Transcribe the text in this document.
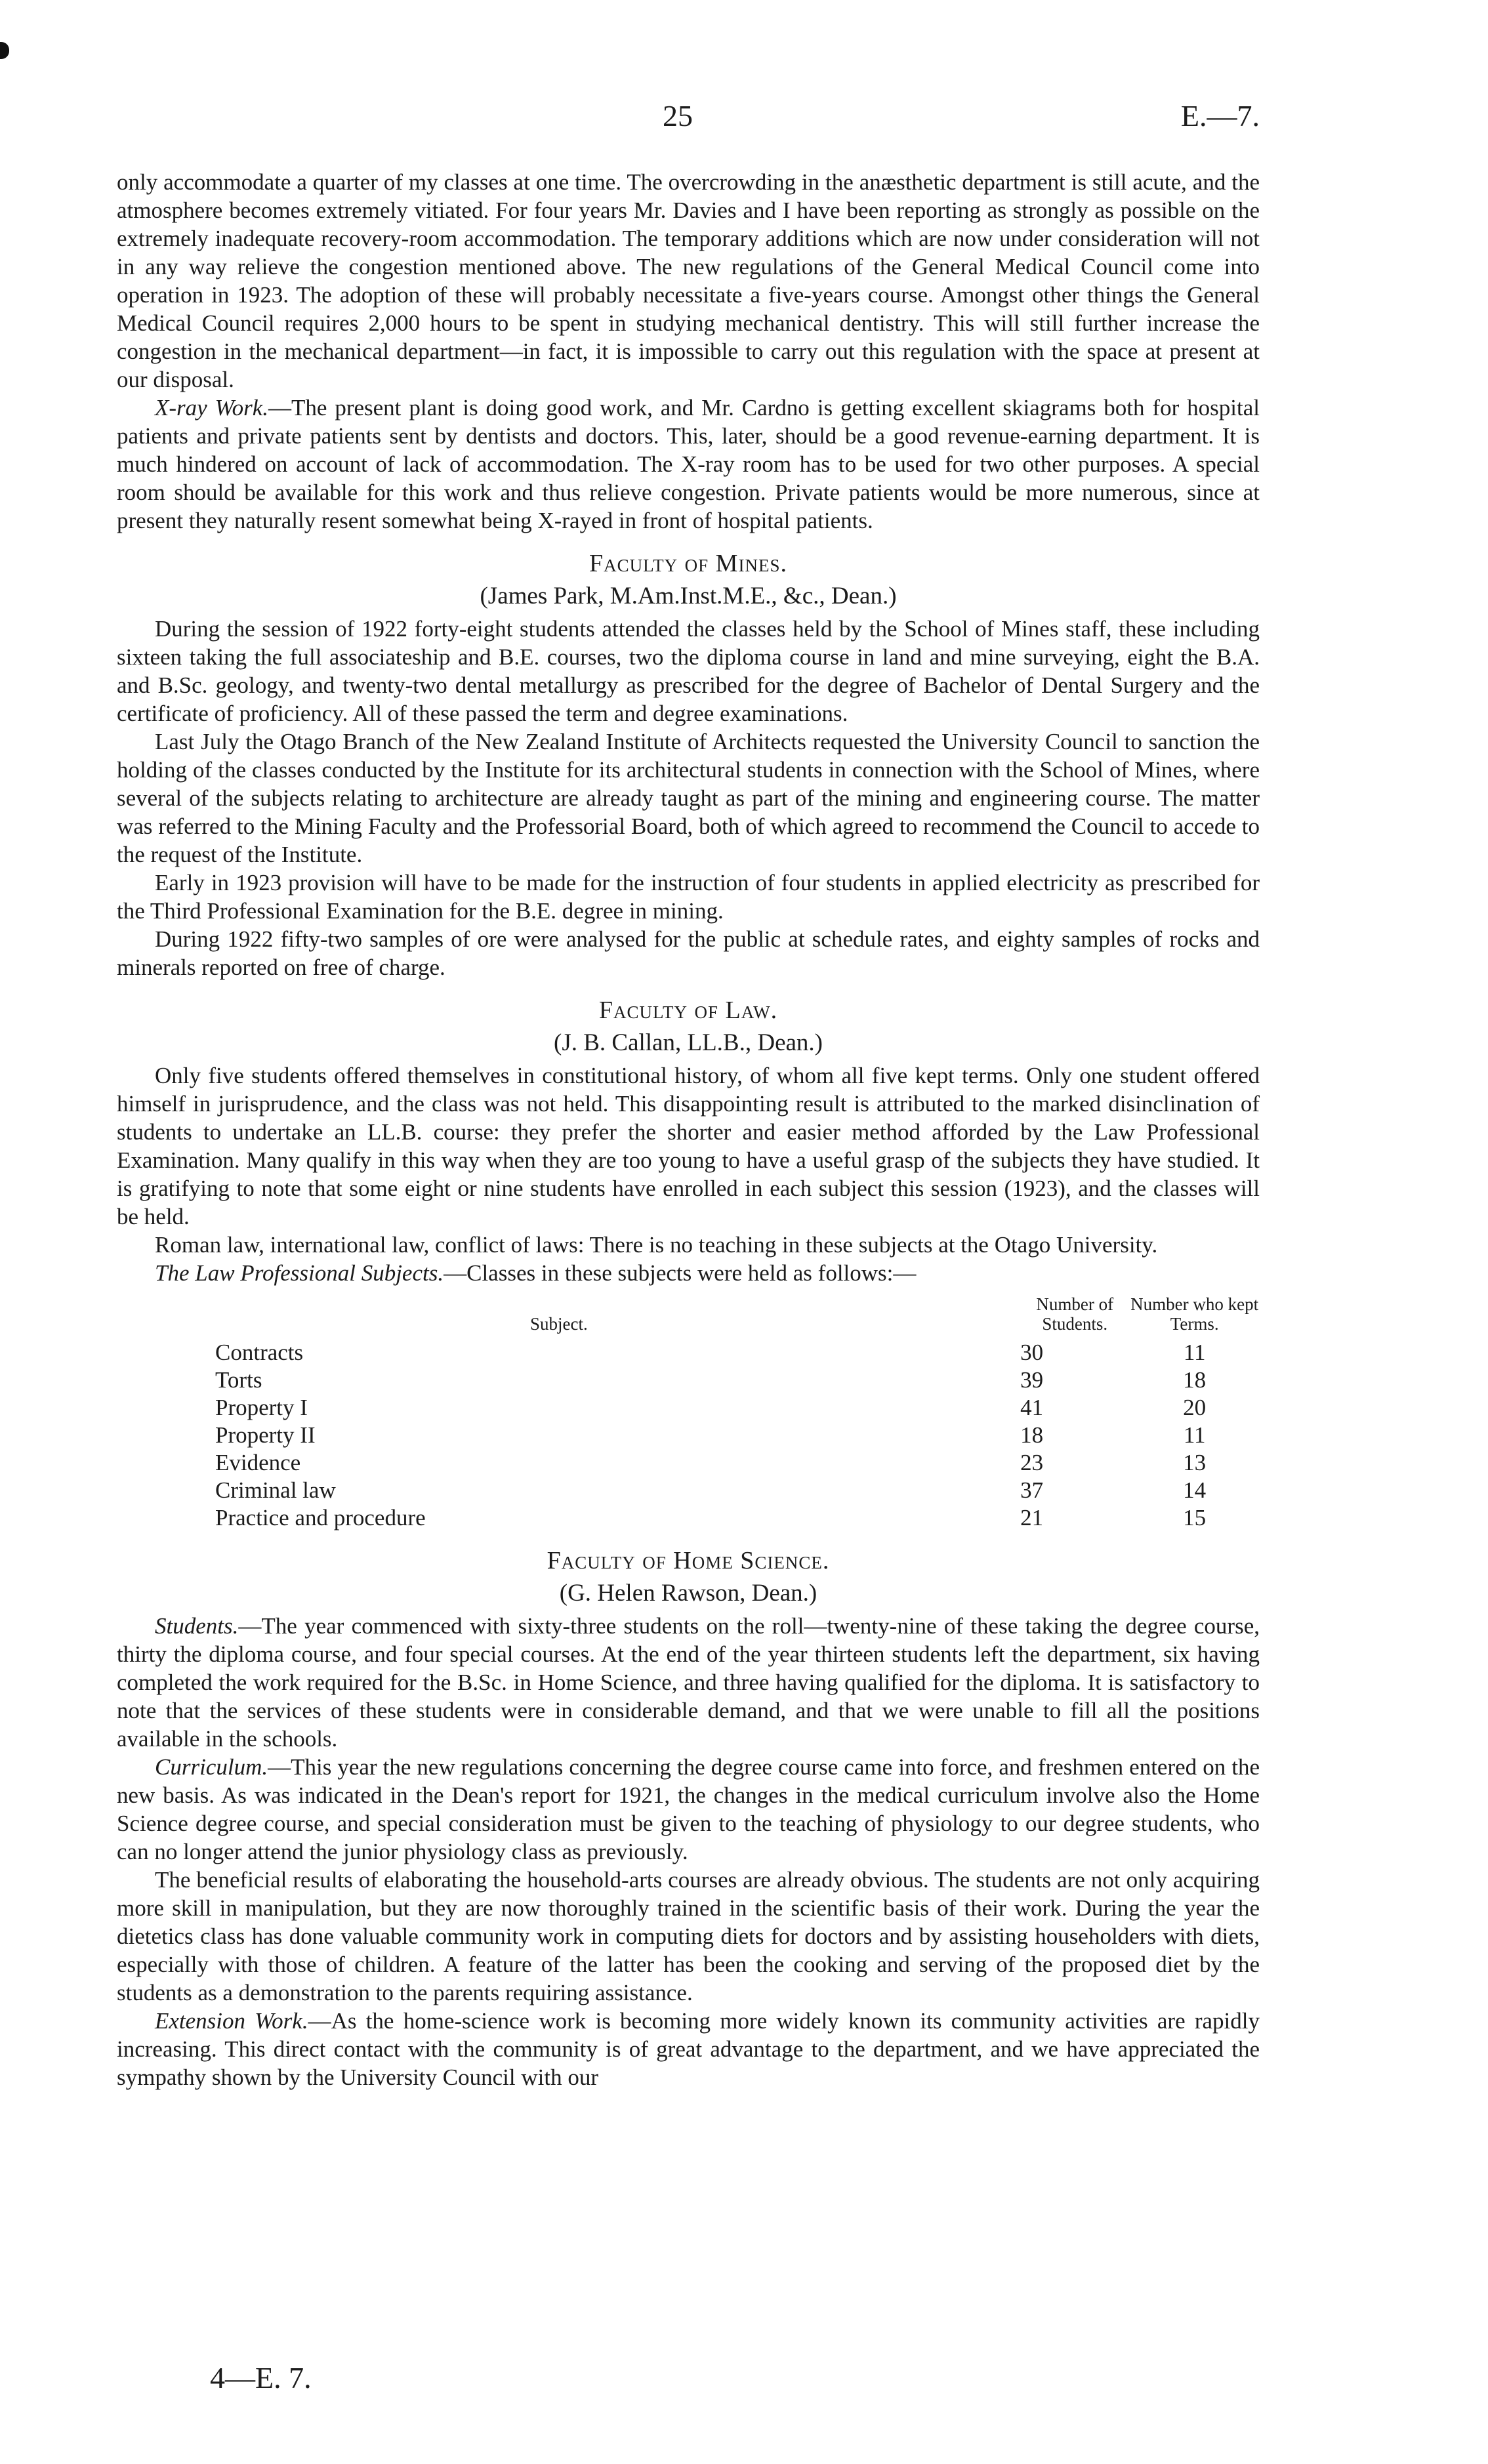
25	E.—7.

only accommodate a quarter of my classes at one time. The overcrowding in the anæsthetic department is still acute, and the atmosphere becomes extremely vitiated. For four years Mr. Davies and I have been reporting as strongly as possible on the extremely inadequate recovery-room accommodation. The temporary additions which are now under consideration will not in any way relieve the congestion mentioned above. The new regulations of the General Medical Council come into operation in 1923. The adoption of these will probably necessitate a five-years course. Amongst other things the General Medical Council requires 2,000 hours to be spent in studying mechanical dentistry. This will still further increase the congestion in the mechanical department—in fact, it is impossible to carry out this regulation with the space at present at our disposal.

X-ray Work.—The present plant is doing good work, and Mr. Cardno is getting excellent skiagrams both for hospital patients and private patients sent by dentists and doctors. This, later, should be a good revenue-earning department. It is much hindered on account of lack of accommodation. The X-ray room has to be used for two other purposes. A special room should be available for this work and thus relieve congestion. Private patients would be more numerous, since at present they naturally resent somewhat being X-rayed in front of hospital patients.

Faculty of Mines.
(James Park, M.Am.Inst.M.E., &c., Dean.)

During the session of 1922 forty-eight students attended the classes held by the School of Mines staff, these including sixteen taking the full associateship and B.E. courses, two the diploma course in land and mine surveying, eight the B.A. and B.Sc. geology, and twenty-two dental metallurgy as prescribed for the degree of Bachelor of Dental Surgery and the certificate of proficiency. All of these passed the term and degree examinations.

Last July the Otago Branch of the New Zealand Institute of Architects requested the University Council to sanction the holding of the classes conducted by the Institute for its architectural students in connection with the School of Mines, where several of the subjects relating to architecture are already taught as part of the mining and engineering course. The matter was referred to the Mining Faculty and the Professorial Board, both of which agreed to recommend the Council to accede to the request of the Institute.

Early in 1923 provision will have to be made for the instruction of four students in applied electricity as prescribed for the Third Professional Examination for the B.E. degree in mining.

During 1922 fifty-two samples of ore were analysed for the public at schedule rates, and eighty samples of rocks and minerals reported on free of charge.

Faculty of Law.
(J. B. Callan, LL.B., Dean.)

Only five students offered themselves in constitutional history, of whom all five kept terms. Only one student offered himself in jurisprudence, and the class was not held. This disappointing result is attributed to the marked disinclination of students to undertake an LL.B. course: they prefer the shorter and easier method afforded by the Law Professional Examination. Many qualify in this way when they are too young to have a useful grasp of the subjects they have studied. It is gratifying to note that some eight or nine students have enrolled in each subject this session (1923), and the classes will be held.

Roman law, international law, conflict of laws: There is no teaching in these subjects at the Otago University.

The Law Professional Subjects.—Classes in these subjects were held as follows:—

Subject.	Number of Students.	Number who kept Terms.
Contracts	30	11
Torts	39	18
Property I	41	20
Property II	18	11
Evidence	23	13
Criminal law	37	14
Practice and procedure	21	15
Faculty of Home Science.
(G. Helen Rawson, Dean.)

Students.—The year commenced with sixty-three students on the roll—twenty-nine of these taking the degree course, thirty the diploma course, and four special courses. At the end of the year thirteen students left the department, six having completed the work required for the B.Sc. in Home Science, and three having qualified for the diploma. It is satisfactory to note that the services of these students were in considerable demand, and that we were unable to fill all the positions available in the schools.

Curriculum.—This year the new regulations concerning the degree course came into force, and freshmen entered on the new basis. As was indicated in the Dean's report for 1921, the changes in the medical curriculum involve also the Home Science degree course, and special consideration must be given to the teaching of physiology to our degree students, who can no longer attend the junior physiology class as previously.

The beneficial results of elaborating the household-arts courses are already obvious. The students are not only acquiring more skill in manipulation, but they are now thoroughly trained in the scientific basis of their work. During the year the dietetics class has done valuable community work in computing diets for doctors and by assisting householders with diets, especially with those of children. A feature of the latter has been the cooking and serving of the proposed diet by the students as a demonstration to the parents requiring assistance.

Extension Work.—As the home-science work is becoming more widely known its community activities are rapidly increasing. This direct contact with the community is of great advantage to the department, and we have appreciated the sympathy shown by the University Council with our

4—E. 7.
